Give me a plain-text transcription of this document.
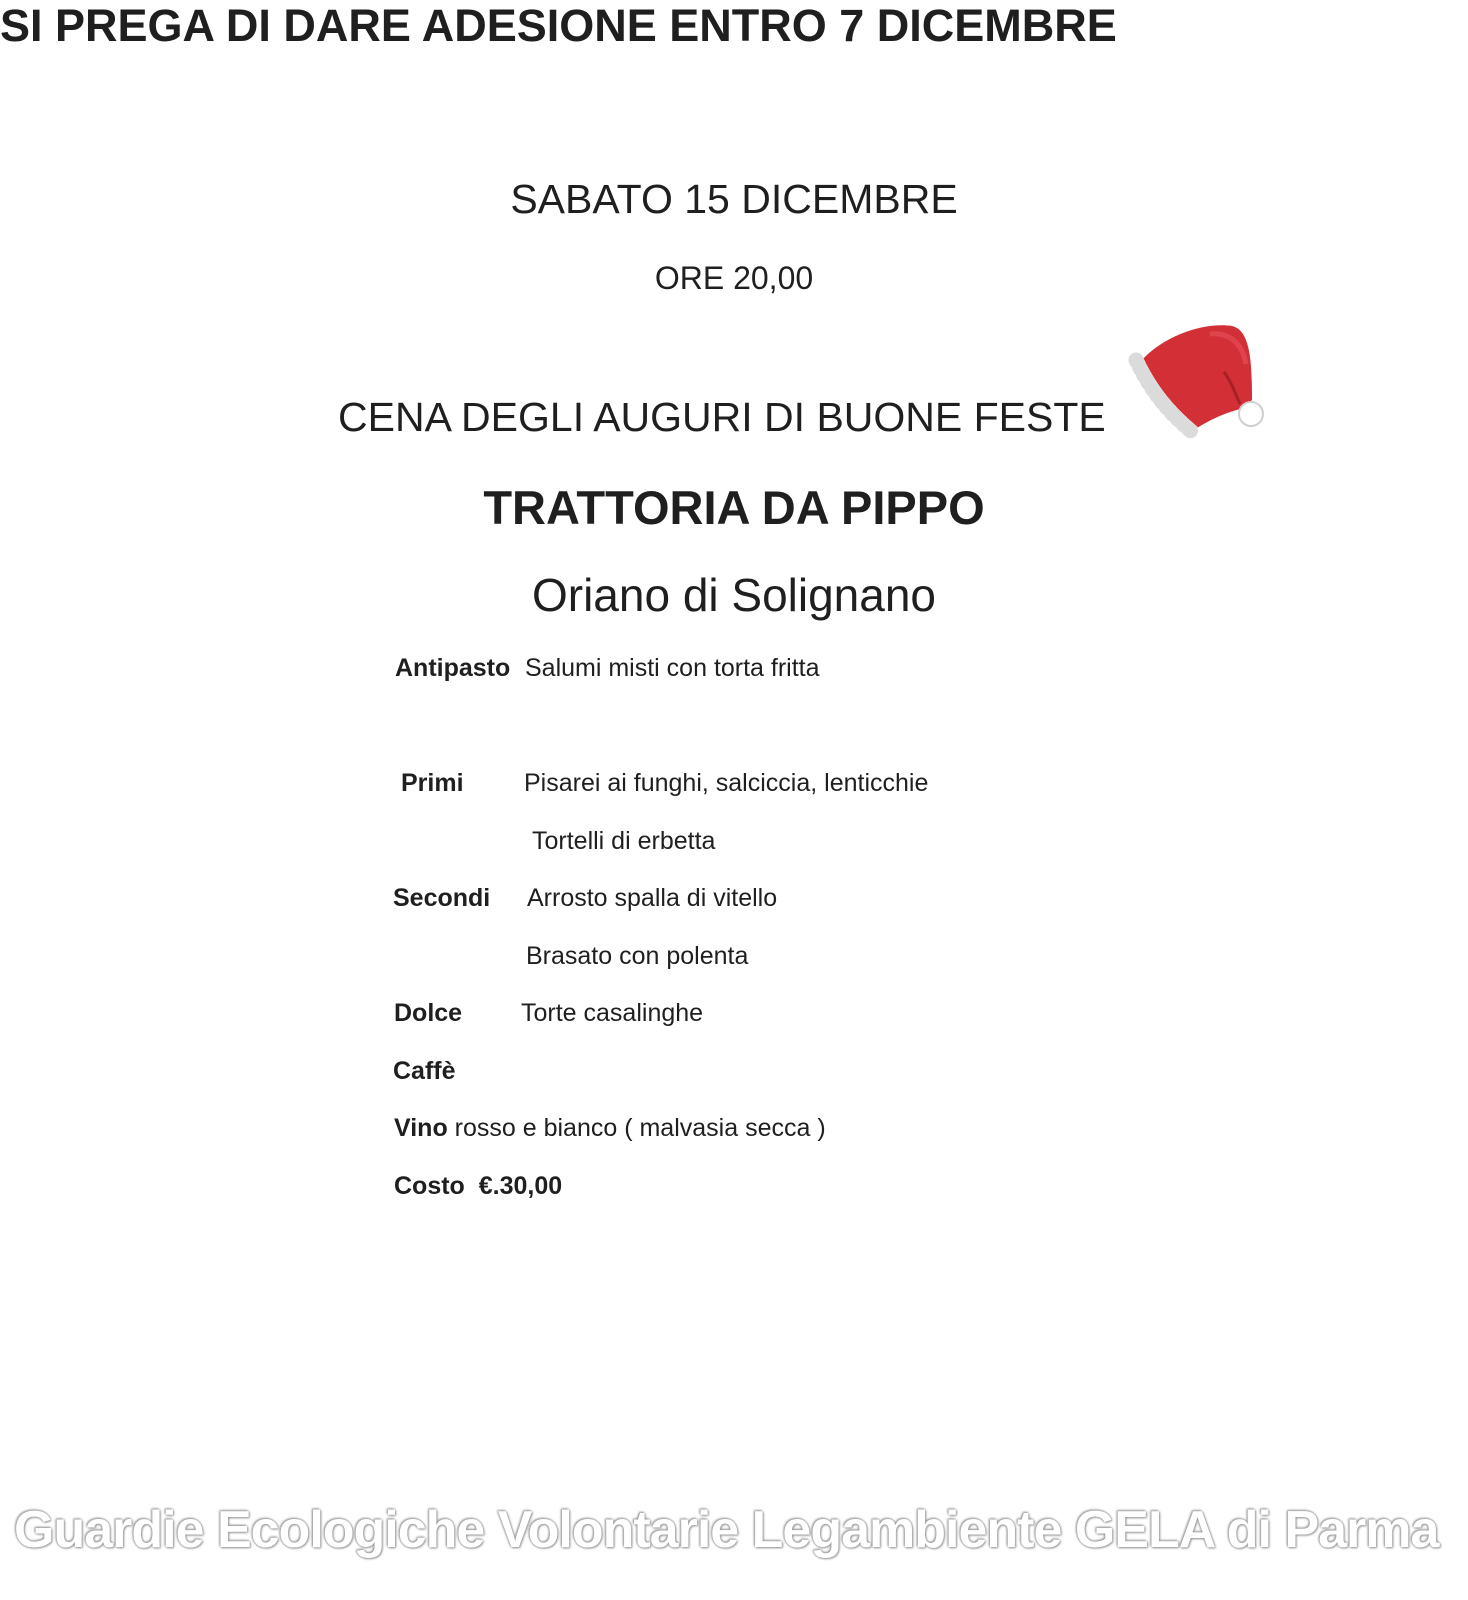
SABATO 15 DICEMBRE
ORE 20,00
CENA DEGLI AUGURI DI BUONE FESTE
TRATTORIA DA PIPPO
Oriano di Solignano
Antipasto Salumi misti con torta fritta
Primi Pisarei ai funghi, salciccia, lenticchie
Tortelli di erbetta
Secondi Arrosto spalla di vitello
Brasato con polenta
Dolce Torte casalinghe
Caffè
Vino rosso e bianco ( malvasia secca )
Costo €.30,00
SI PREGA DI DARE ADESIONE ENTRO 7 DICEMBRE
Guardie Ecologiche Volontarie Legambiente GELA di Parma
